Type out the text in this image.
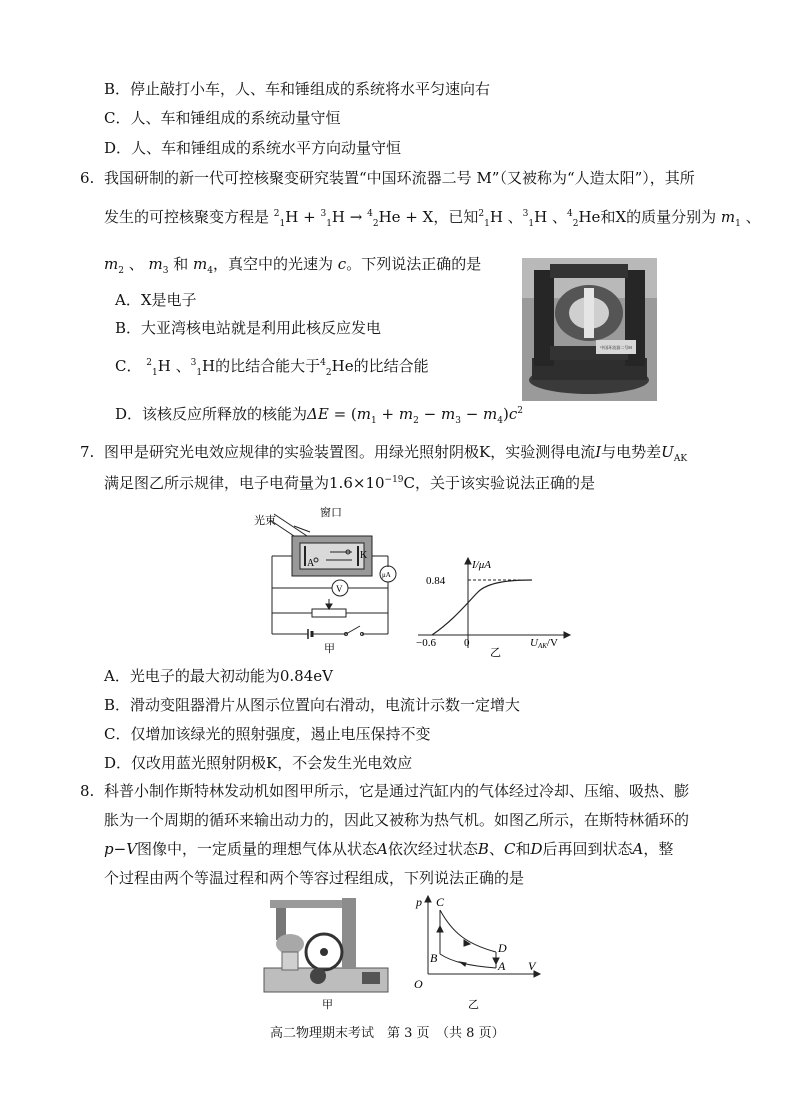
B．停止敲打小车，人、车和锤组成的系统将水平匀速向右
C．人、车和锤组成的系统动量守恒
D．人、车和锤组成的系统水平方向动量守恒
6. 我国研制的新一代可控核聚变研究装置“中国环流器二号 M”（又被称为“人造太阳”），其所
发生的可控核聚变方程是 $^2_1$H + $^3_1$H → $^4_2$He + X，已知$^2_1$H 、$^3_1$H 、$^4_2$He和X的质量分别为 $m_1$ 、
$m_2$ 、 $m_3$ 和 $m_4$，真空中的光速为 c。下列说法正确的是
A．X是电子
B．大亚湾核电站就是利用此核反应发电
C． $^2_1$H 、$^3_1$H的比结合能大于$^4_2$He的比结合能
D．该核反应所释放的核能为$\Delta E = (m_1 + m_2 - m_3 - m_4)c^2$
中国环流器二号M
7. 图甲是研究光电效应规律的实验装置图。用绿光照射阴极K，实验测得电流I与电势差$U_{AK}$
满足图乙所示规律，电子电荷量为$1.6\times 10^{-19}C$，关于该实验说法正确的是
光束
窗口
A
K
V
μA
甲
I/μA
0.84
−0.6	0	UAK/V
乙
A．光电子的最大初动能为0.84eV
B．滑动变阻器滑片从图示位置向右滑动，电流计示数一定增大
C．仅增加该绿光的照射强度，遏止电压保持不变
D．仅改用蓝光照射阴极K，不会发生光电效应
8. 科普小制作斯特林发动机如图甲所示，它是通过汽缸内的气体经过冷却、压缩、吸热、膨
胀为一个周期的循环来输出动力的，因此又被称为热气机。如图乙所示，在斯特林循环的
p−V图像中，一定质量的理想气体从状态A依次经过状态B、C和D后再回到状态A，整
个过程由两个等温过程和两个等容过程组成，下列说法正确的是
甲
p
V
O
C
B
D
A
乙
高二物理期末考试　第 3 页　（共 8 页）
